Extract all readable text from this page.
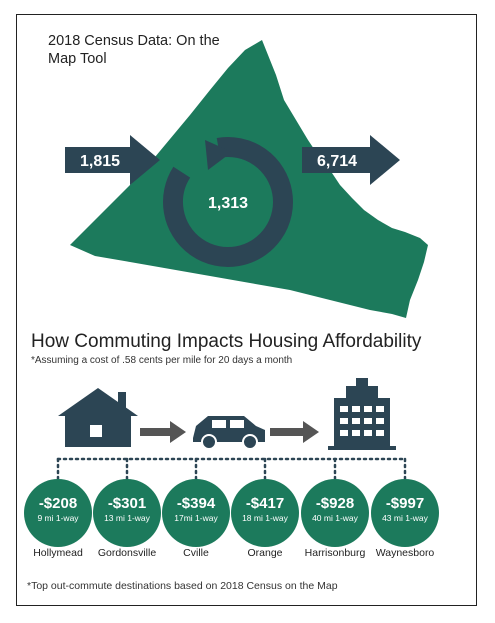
1,815
1,313
6,714
2018 Census Data: On the Map Tool
How Commuting Impacts Housing Affordability
*Assuming a cost of .58 cents per mile for 20 days a month
-$208
9 mi 1-way
-$301
13 mi 1-way
-$394
17mi 1-way
-$417
18 mi 1-way
-$928
40 mi 1-way
-$997
43 mi 1-way
Hollymead	Gordonsville	Cville	Orange	Harrisonburg Waynesboro
*Top out-commute destinations based on 2018 Census on the Map
